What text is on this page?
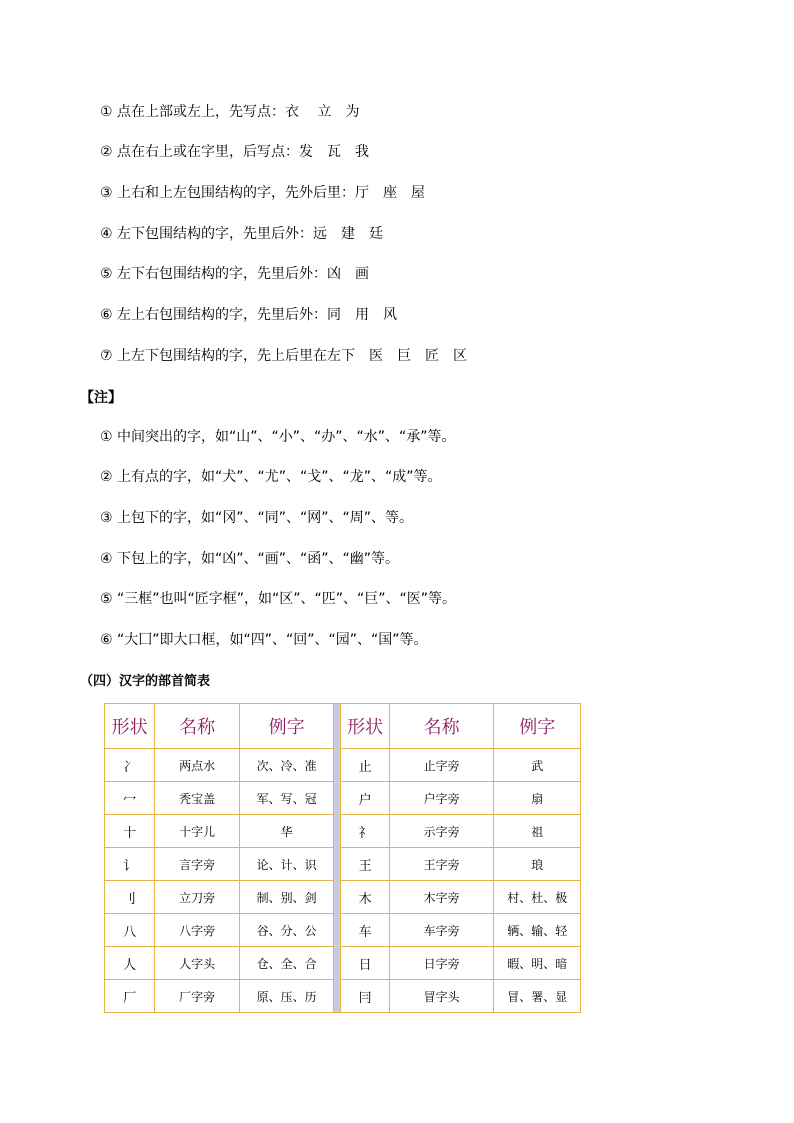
① 点在上部或左上，先写点：衣　 立　为
② 点在右上或在字里，后写点：发　瓦　我
③ 上右和上左包围结构的字，先外后里：厅　座　屋
④ 左下包围结构的字，先里后外：远　建　廷
⑤ 左下右包围结构的字，先里后外：凶　画
⑥ 左上右包围结构的字，先里后外：同　用　风
⑦ 上左下包围结构的字，先上后里在左下　医　巨　匠　区
【注】
① 中间突出的字，如“山”、“小”、“办”、“水”、“承”等。
② 上有点的字，如“犬”、“尤”、“戈”、“龙”、“成”等。
③ 上包下的字，如“冈”、“同”、“网”、“周”、等。
④ 下包上的字，如“凶”、“画”、“函”、“幽”等。
⑤ “三框”也叫“匠字框”，如“区”、“匹”、“巨”、“医”等。
⑥ “大囗”即大口框，如“四”、“回”、“园”、“国”等。
（四）汉字的部首简表
形状	名称	例字		形状	名称	例字
冫	两点水	次、冷、准		止	止字旁	武
冖	秃宝盖	军、写、冠		户	户字旁	扇
十	十字儿	华		礻	示字旁	祖
讠	言字旁	论、计、识		王	王字旁	琅
刂	立刀旁	制、别、剑		木	木字旁	村、杜、极
八	八字旁	谷、分、公		车	车字旁	辆、输、轻
人	人字头	仓、全、合		日	日字旁	暇、明、暗
厂	厂字旁	原、压、历		冃	冒字头	冒、署、显
